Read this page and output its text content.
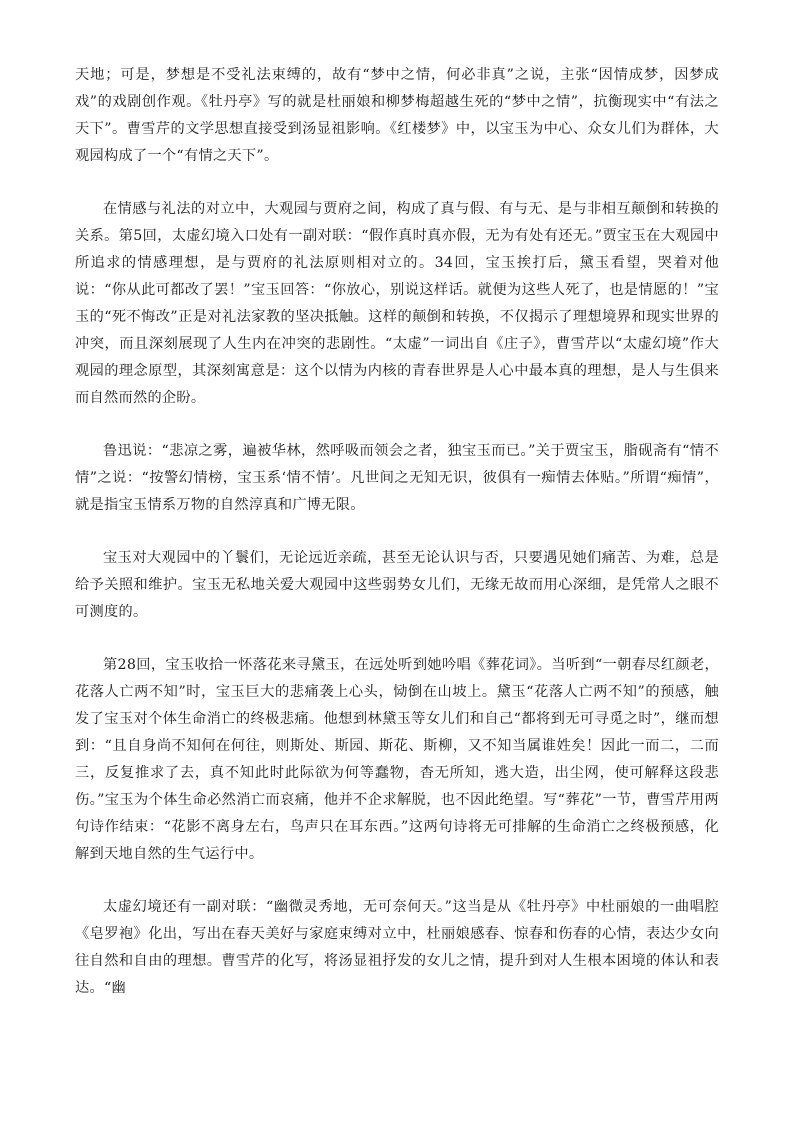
天地；可是，梦想是不受礼法束缚的，故有“梦中之情，何必非真”之说，主张“因情成梦，因梦成戏”的戏剧创作观。《牡丹亭》写的就是杜丽娘和柳梦梅超越生死的“梦中之情”，抗衡现实中“有法之天下”。曹雪芹的文学思想直接受到汤显祖影响。《红楼梦》中，以宝玉为中心、众女儿们为群体，大观园构成了一个“有情之天下”。

在情感与礼法的对立中，大观园与贾府之间，构成了真与假、有与无、是与非相互颠倒和转换的关系。第5回，太虚幻境入口处有一副对联：“假作真时真亦假，无为有处有还无。”贾宝玉在大观园中所追求的情感理想，是与贾府的礼法原则相对立的。34回，宝玉挨打后，黛玉看望，哭着对他说：“你从此可都改了罢！”宝玉回答：“你放心，别说这样话。就便为这些人死了，也是情愿的！”宝玉的“死不悔改”正是对礼法家教的坚决抵触。这样的颠倒和转换，不仅揭示了理想境界和现实世界的冲突，而且深刻展现了人生内在冲突的悲剧性。“太虚”一词出自《庄子》，曹雪芹以“太虚幻境”作大观园的理念原型，其深刻寓意是：这个以情为内核的青春世界是人心中最本真的理想，是人与生俱来而自然而然的企盼。

鲁迅说：“悲凉之雾，遍被华林，然呼吸而领会之者，独宝玉而已。”关于贾宝玉，脂砚斋有“情不情”之说：“按警幻情榜，宝玉系‘情不情’。凡世间之无知无识，彼俱有一痴情去体贴。”所谓“痴情”，就是指宝玉情系万物的自然淳真和广博无限。

宝玉对大观园中的丫鬟们，无论远近亲疏，甚至无论认识与否，只要遇见她们痛苦、为难，总是给予关照和维护。宝玉无私地关爱大观园中这些弱势女儿们，无缘无故而用心深细，是凭常人之眼不可测度的。

第28回，宝玉收拾一怀落花来寻黛玉，在远处听到她吟唱《葬花词》。当听到“一朝春尽红颜老，花落人亡两不知”时，宝玉巨大的悲痛袭上心头，恸倒在山坡上。黛玉“花落人亡两不知”的预感，触发了宝玉对个体生命消亡的终极悲痛。他想到林黛玉等女儿们和自己“都将到无可寻觅之时”，继而想到：“且自身尚不知何在何往，则斯处、斯园、斯花、斯柳，又不知当属谁姓矣！因此一而二，二而三，反复推求了去，真不知此时此际欲为何等蠢物，杳无所知，逃大造，出尘网，使可解释这段悲伤。”宝玉为个体生命必然消亡而哀痛，他并不企求解脱，也不因此绝望。写“葬花”一节，曹雪芹用两句诗作结束：“花影不离身左右，鸟声只在耳东西。”这两句诗将无可排解的生命消亡之终极预感，化解到天地自然的生气运行中。

太虚幻境还有一副对联：“幽微灵秀地，无可奈何天。”这当是从《牡丹亭》中杜丽娘的一曲唱腔《皂罗袍》化出，写出在春天美好与家庭束缚对立中，杜丽娘感春、惊春和伤春的心情，表达少女向往自然和自由的理想。曹雪芹的化写，将汤显祖抒发的女儿之情，提升到对人生根本困境的体认和表达。“幽
